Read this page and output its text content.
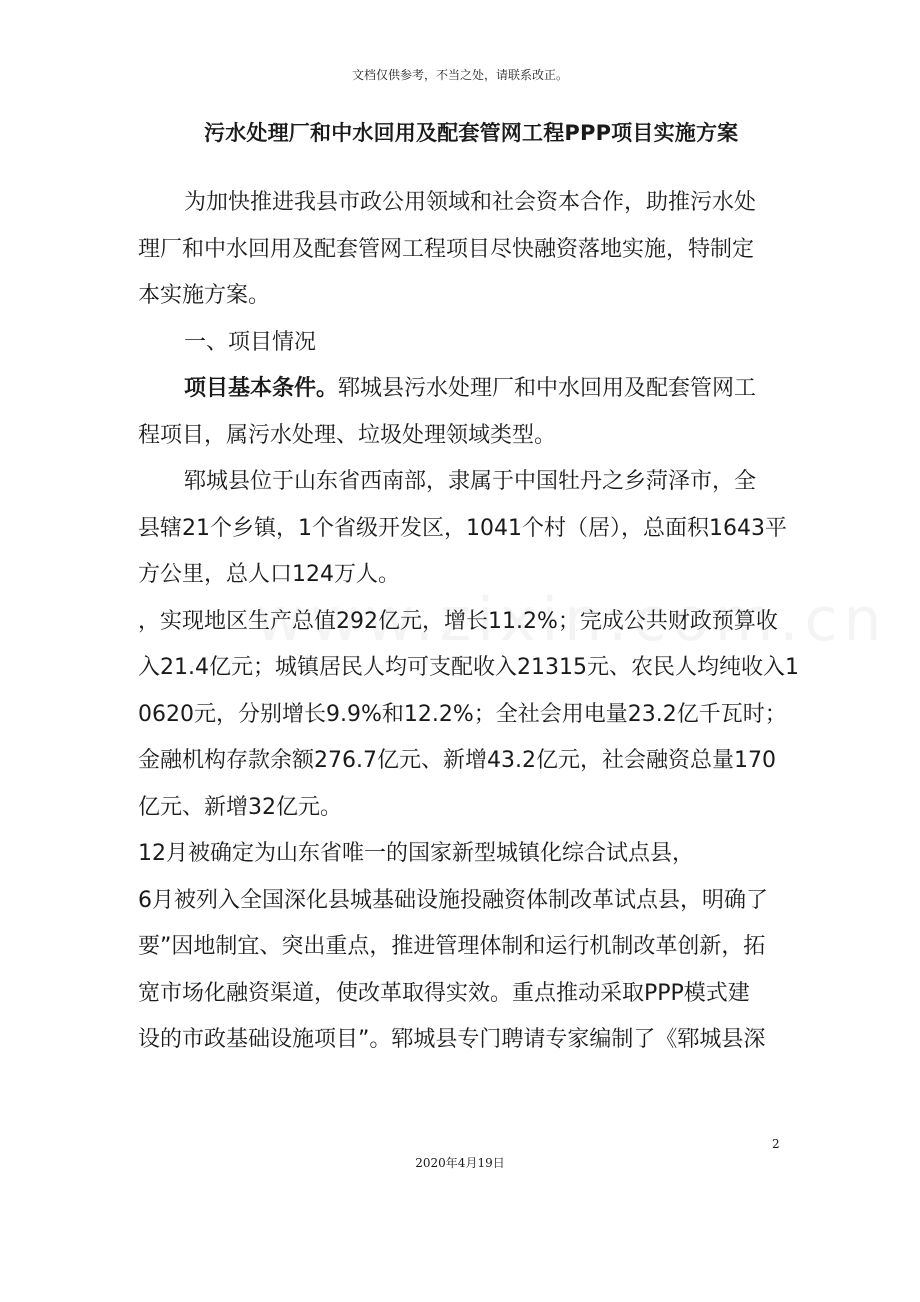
文档仅供参考，不当之处，请联系改正。
污水处理厂和中水回用及配套管网工程PPP项目实施方案
为加快推进我县市政公用领域和社会资本合作，助推污水处
理厂和中水回用及配套管网工程项目尽快融资落地实施，特制定
本实施方案。
一、项目情况
项目基本条件。郓城县污水处理厂和中水回用及配套管网工
程项目，属污水处理、垃圾处理领域类型。
郓城县位于山东省西南部，隶属于中国牡丹之乡菏泽市，全
县辖21个乡镇，1个省级开发区，1041个村（居），总面积1643平
方公里，总人口124万人。
，实现地区生产总值292亿元，增长11.2%；完成公共财政预算收
入21.4亿元；城镇居民人均可支配收入21315元、农民人均纯收入1
0620元，分别增长9.9%和12.2%；全社会用电量23.2亿千瓦时；
金融机构存款余额276.7亿元、新增43.2亿元，社会融资总量170
亿元、新增32亿元。
12月被确定为山东省唯一的国家新型城镇化综合试点县，
6月被列入全国深化县城基础设施投融资体制改革试点县，明确了
要”因地制宜、突出重点，推进管理体制和运行机制改革创新，拓
宽市场化融资渠道，使改革取得实效。重点推动采取PPP模式建
设的市政基础设施项目”。郓城县专门聘请专家编制了《郓城县深
2
2020年4月19日
